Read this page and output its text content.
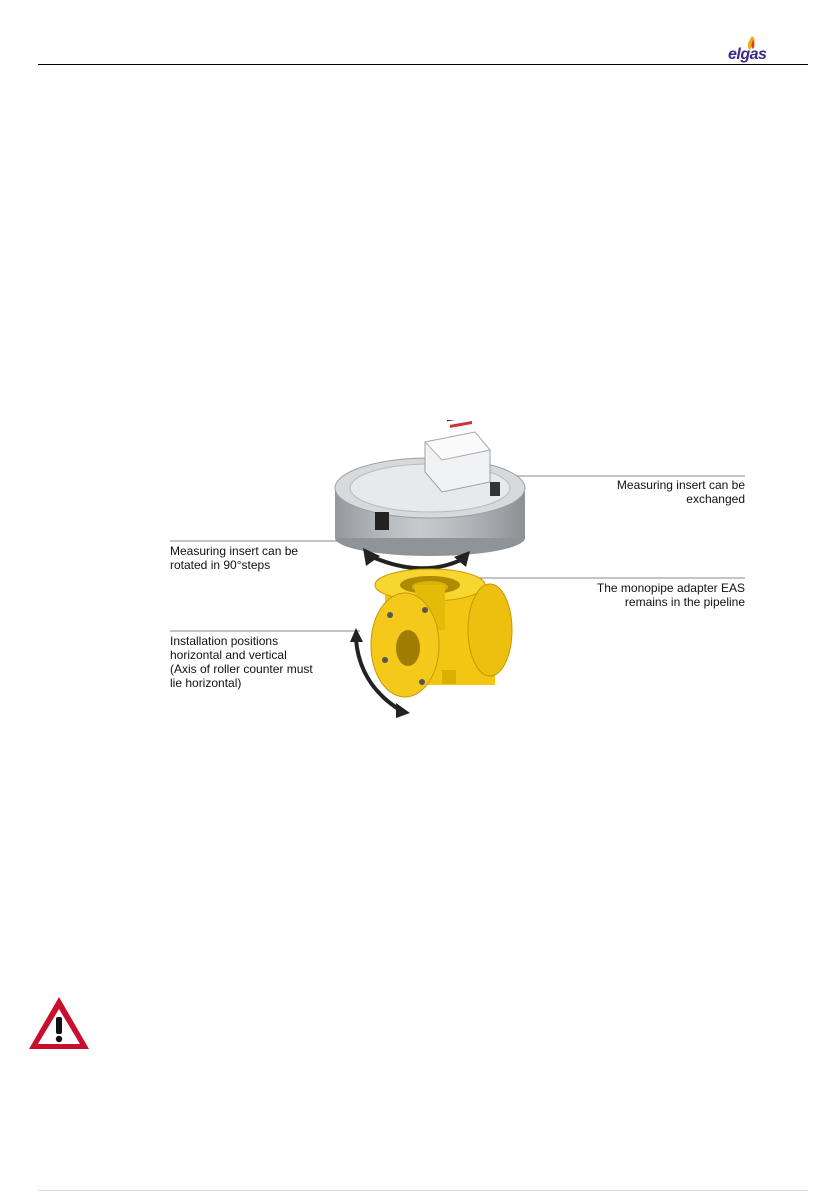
elgas
Measuring insert can be exchanged
Measuring insert can be
rotated in 90°steps
The monopipe adapter EAS
remains in the pipeline
Installation positions
horizontal and vertical
(Axis of roller counter must
lie horizontal)
